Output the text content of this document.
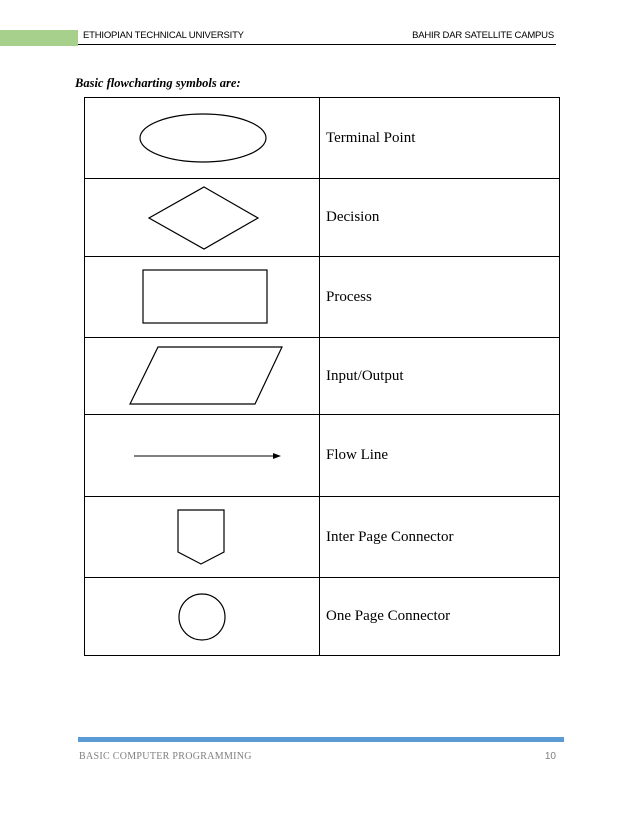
ETHIOPIAN TECHNICAL UNIVERSITY	BAHIR DAR SATELLITE CAMPUS
Basic flowcharting symbols are:
	Terminal Point

	Decision

	Process

	Input/Output

	Flow Line

	Inter Page Connector

	One Page Connector
BASIC COMPUTER PROGRAMMING	10
